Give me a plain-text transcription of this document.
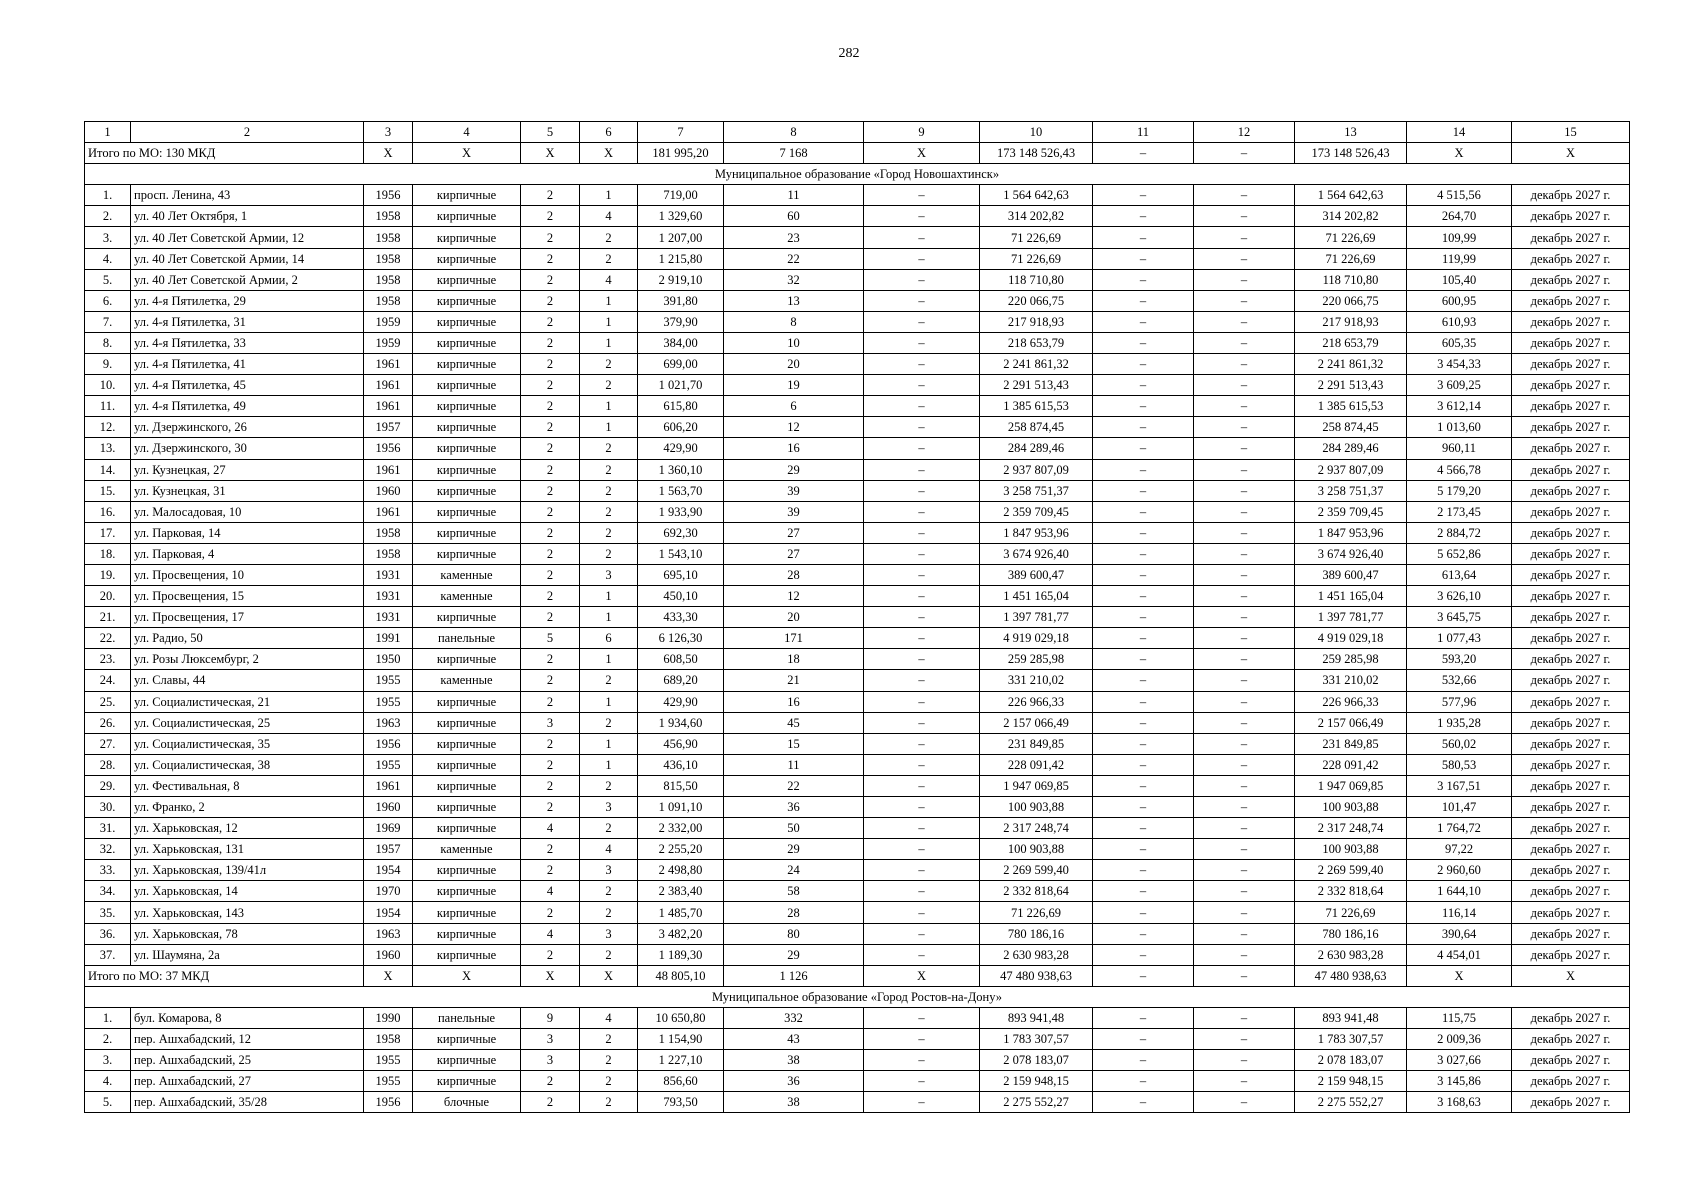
282
1	2	3	4	5	6	7	8	9	10	11	12	13	14	15
Итого по МО: 130 МКД		Х	Х	Х	Х	181 995,20	7 168	Х	173 148 526,43	–	–	173 148 526,43	Х	Х
Муниципальное образование «Город Новошахтинск»														
1.	просп. Ленина, 43	1956	кирпичные	2	1	719,00	11	–	1 564 642,63	–	–	1 564 642,63	4 515,56	декабрь 2027 г.
2.	ул. 40 Лет Октября, 1	1958	кирпичные	2	4	1 329,60	60	–	314 202,82	–	–	314 202,82	264,70	декабрь 2027 г.
3.	ул. 40 Лет Советской Армии, 12	1958	кирпичные	2	2	1 207,00	23	–	71 226,69	–	–	71 226,69	109,99	декабрь 2027 г.
4.	ул. 40 Лет Советской Армии, 14	1958	кирпичные	2	2	1 215,80	22	–	71 226,69	–	–	71 226,69	119,99	декабрь 2027 г.
5.	ул. 40 Лет Советской Армии, 2	1958	кирпичные	2	4	2 919,10	32	–	118 710,80	–	–	118 710,80	105,40	декабрь 2027 г.
6.	ул. 4-я Пятилетка, 29	1958	кирпичные	2	1	391,80	13	–	220 066,75	–	–	220 066,75	600,95	декабрь 2027 г.
7.	ул. 4-я Пятилетка, 31	1959	кирпичные	2	1	379,90	8	–	217 918,93	–	–	217 918,93	610,93	декабрь 2027 г.
8.	ул. 4-я Пятилетка, 33	1959	кирпичные	2	1	384,00	10	–	218 653,79	–	–	218 653,79	605,35	декабрь 2027 г.
9.	ул. 4-я Пятилетка, 41	1961	кирпичные	2	2	699,00	20	–	2 241 861,32	–	–	2 241 861,32	3 454,33	декабрь 2027 г.
10.	ул. 4-я Пятилетка, 45	1961	кирпичные	2	2	1 021,70	19	–	2 291 513,43	–	–	2 291 513,43	3 609,25	декабрь 2027 г.
11.	ул. 4-я Пятилетка, 49	1961	кирпичные	2	1	615,80	6	–	1 385 615,53	–	–	1 385 615,53	3 612,14	декабрь 2027 г.
12.	ул. Дзержинского, 26	1957	кирпичные	2	1	606,20	12	–	258 874,45	–	–	258 874,45	1 013,60	декабрь 2027 г.
13.	ул. Дзержинского, 30	1956	кирпичные	2	2	429,90	16	–	284 289,46	–	–	284 289,46	960,11	декабрь 2027 г.
14.	ул. Кузнецкая, 27	1961	кирпичные	2	2	1 360,10	29	–	2 937 807,09	–	–	2 937 807,09	4 566,78	декабрь 2027 г.
15.	ул. Кузнецкая, 31	1960	кирпичные	2	2	1 563,70	39	–	3 258 751,37	–	–	3 258 751,37	5 179,20	декабрь 2027 г.
16.	ул. Малосадовая, 10	1961	кирпичные	2	2	1 933,90	39	–	2 359 709,45	–	–	2 359 709,45	2 173,45	декабрь 2027 г.
17.	ул. Парковая, 14	1958	кирпичные	2	2	692,30	27	–	1 847 953,96	–	–	1 847 953,96	2 884,72	декабрь 2027 г.
18.	ул. Парковая, 4	1958	кирпичные	2	2	1 543,10	27	–	3 674 926,40	–	–	3 674 926,40	5 652,86	декабрь 2027 г.
19.	ул. Просвещения, 10	1931	каменные	2	3	695,10	28	–	389 600,47	–	–	389 600,47	613,64	декабрь 2027 г.
20.	ул. Просвещения, 15	1931	каменные	2	1	450,10	12	–	1 451 165,04	–	–	1 451 165,04	3 626,10	декабрь 2027 г.
21.	ул. Просвещения, 17	1931	кирпичные	2	1	433,30	20	–	1 397 781,77	–	–	1 397 781,77	3 645,75	декабрь 2027 г.
22.	ул. Радио, 50	1991	панельные	5	6	6 126,30	171	–	4 919 029,18	–	–	4 919 029,18	1 077,43	декабрь 2027 г.
23.	ул. Розы Люксембург, 2	1950	кирпичные	2	1	608,50	18	–	259 285,98	–	–	259 285,98	593,20	декабрь 2027 г.
24.	ул. Славы, 44	1955	каменные	2	2	689,20	21	–	331 210,02	–	–	331 210,02	532,66	декабрь 2027 г.
25.	ул. Социалистическая, 21	1955	кирпичные	2	1	429,90	16	–	226 966,33	–	–	226 966,33	577,96	декабрь 2027 г.
26.	ул. Социалистическая, 25	1963	кирпичные	3	2	1 934,60	45	–	2 157 066,49	–	–	2 157 066,49	1 935,28	декабрь 2027 г.
27.	ул. Социалистическая, 35	1956	кирпичные	2	1	456,90	15	–	231 849,85	–	–	231 849,85	560,02	декабрь 2027 г.
28.	ул. Социалистическая, 38	1955	кирпичные	2	1	436,10	11	–	228 091,42	–	–	228 091,42	580,53	декабрь 2027 г.
29.	ул. Фестивальная, 8	1961	кирпичные	2	2	815,50	22	–	1 947 069,85	–	–	1 947 069,85	3 167,51	декабрь 2027 г.
30.	ул. Франко, 2	1960	кирпичные	2	3	1 091,10	36	–	100 903,88	–	–	100 903,88	101,47	декабрь 2027 г.
31.	ул. Харьковская, 12	1969	кирпичные	4	2	2 332,00	50	–	2 317 248,74	–	–	2 317 248,74	1 764,72	декабрь 2027 г.
32.	ул. Харьковская, 131	1957	каменные	2	4	2 255,20	29	–	100 903,88	–	–	100 903,88	97,22	декабрь 2027 г.
33.	ул. Харьковская, 139/41л	1954	кирпичные	2	3	2 498,80	24	–	2 269 599,40	–	–	2 269 599,40	2 960,60	декабрь 2027 г.
34.	ул. Харьковская, 14	1970	кирпичные	4	2	2 383,40	58	–	2 332 818,64	–	–	2 332 818,64	1 644,10	декабрь 2027 г.
35.	ул. Харьковская, 143	1954	кирпичные	2	2	1 485,70	28	–	71 226,69	–	–	71 226,69	116,14	декабрь 2027 г.
36.	ул. Харьковская, 78	1963	кирпичные	4	3	3 482,20	80	–	780 186,16	–	–	780 186,16	390,64	декабрь 2027 г.
37.	ул. Шаумяна, 2а	1960	кирпичные	2	2	1 189,30	29	–	2 630 983,28	–	–	2 630 983,28	4 454,01	декабрь 2027 г.
Итого по МО: 37 МКД		Х	Х	Х	Х	48 805,10	1 126	Х	47 480 938,63	–	–	47 480 938,63	Х	Х
Муниципальное образование «Город Ростов-на-Дону»														
1.	бул. Комарова, 8	1990	панельные	9	4	10 650,80	332	–	893 941,48	–	–	893 941,48	115,75	декабрь 2027 г.
2.	пер. Ашхабадский, 12	1958	кирпичные	3	2	1 154,90	43	–	1 783 307,57	–	–	1 783 307,57	2 009,36	декабрь 2027 г.
3.	пер. Ашхабадский, 25	1955	кирпичные	3	2	1 227,10	38	–	2 078 183,07	–	–	2 078 183,07	3 027,66	декабрь 2027 г.
4.	пер. Ашхабадский, 27	1955	кирпичные	2	2	856,60	36	–	2 159 948,15	–	–	2 159 948,15	3 145,86	декабрь 2027 г.
5.	пер. Ашхабадский, 35/28	1956	блочные	2	2	793,50	38	–	2 275 552,27	–	–	2 275 552,27	3 168,63	декабрь 2027 г.
